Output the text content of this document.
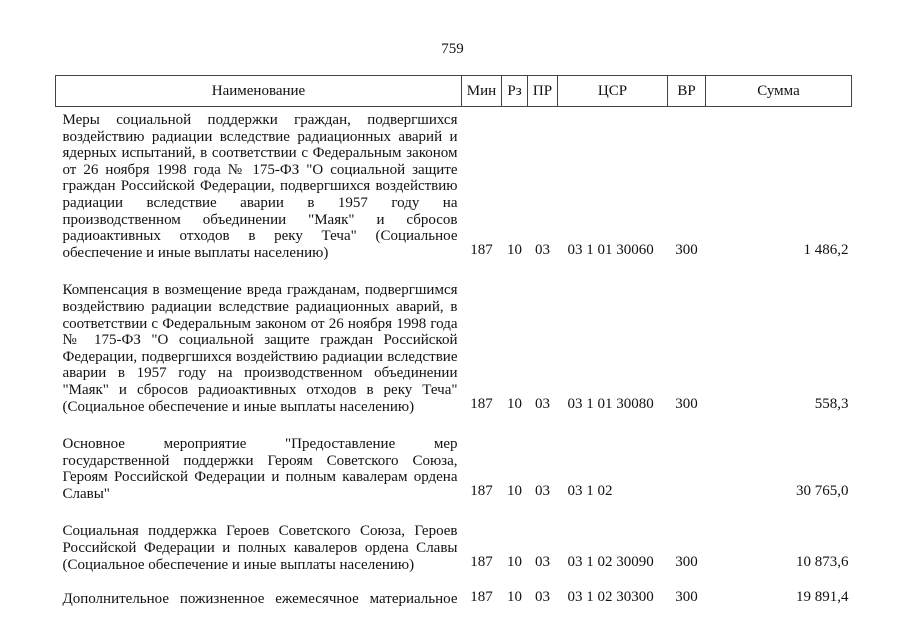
759
Наименование	Мин	Рз	ПР	ЦСР	ВР	Сумма
Меры социальной поддержки граждан, подвергшихся воздействию радиации вследствие радиационных аварий и ядерных испытаний, в соответствии с Федеральным законом от 26 ноября 1998 года № 175-ФЗ "О социальной защите граждан Российской Федерации, подвергшихся воздействию радиации вследствие аварии в 1957 году на производственном объединении "Маяк" и сбросов радиоактивных отходов в реку Теча" (Социальное обеспечение и иные выплаты населению)	187	10	03	03 1 01 30060	300	1 486,2

Компенсация в возмещение вреда гражданам, подвергшимся воздействию радиации вследствие радиационных аварий, в соответствии с Федеральным законом от 26 ноября 1998 года № 175-ФЗ "О социальной защите граждан Российской Федерации, подвергшихся воздействию радиации вследствие аварии в 1957 году на производственном объединении "Маяк" и сбросов радиоактивных отходов в реку Теча" (Социальное обеспечение и иные выплаты населению)	187	10	03	03 1 01 30080	300	558,3

Основное мероприятие "Предоставление мер государственной поддержки Героям Советского Союза, Героям Российской Федерации и полным кавалерам ордена Славы"	187	10	03	03 1 02		30 765,0

Социальная поддержка Героев Советского Союза, Героев Российской Федерации и полных кавалеров ордена Славы (Социальное обеспечение и иные выплаты населению)	187	10	03	03 1 02 30090	300	10 873,6

Дополнительное пожизненное ежемесячное материальное	187	10	03	03 1 02 30300	300	19 891,4
